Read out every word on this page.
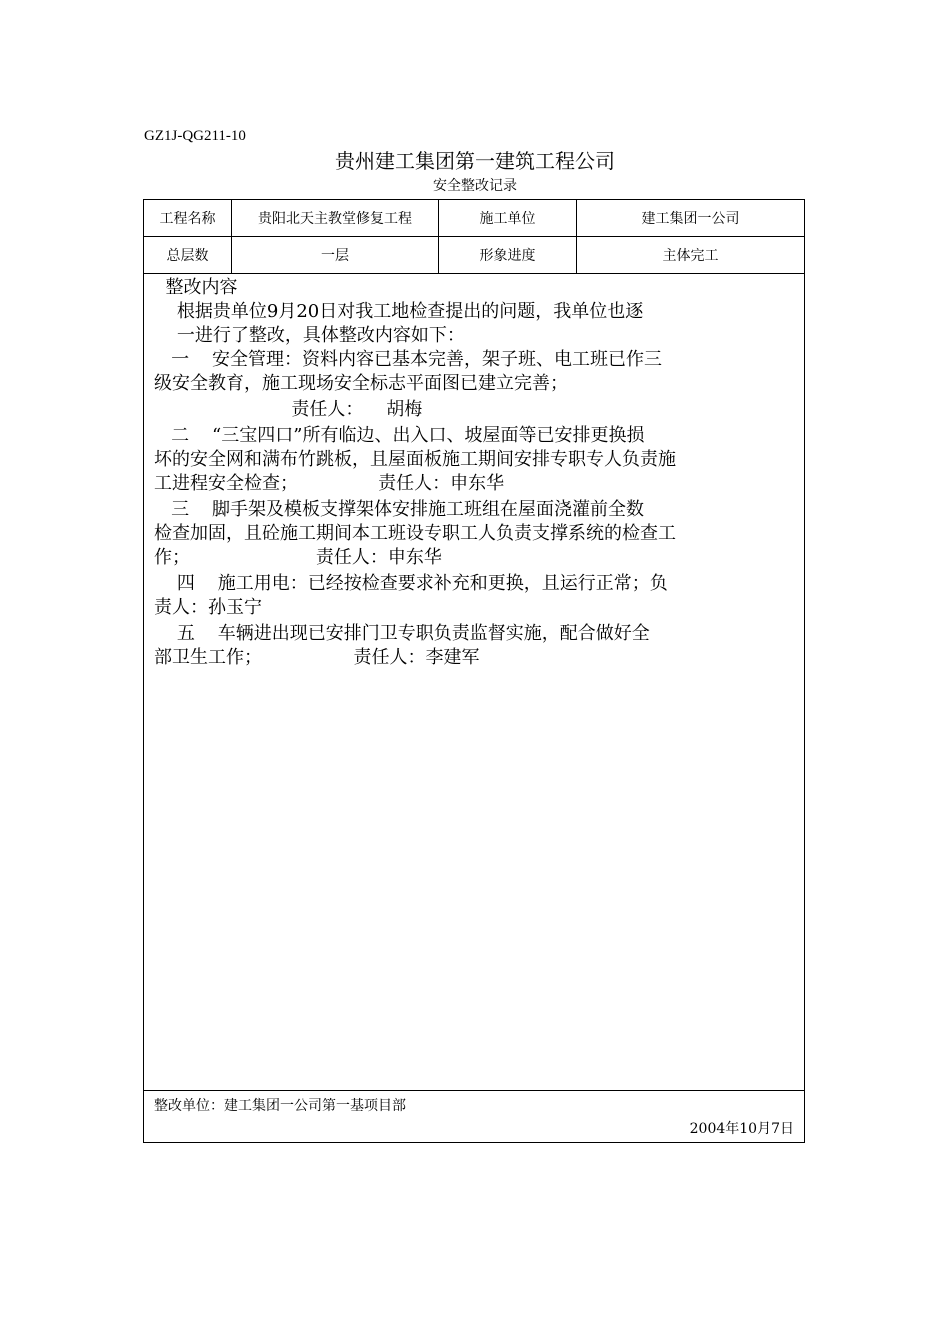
GZ1J-QG211-10
贵州建工集团第一建筑工程公司
安全整改记录
工程名称	贵阳北天主教堂修复工程	施工单位	建工集团一公司
总层数	一层	形象进度	主体完工
整改内容
根据贵单位9月20日对我工地检查提出的问题，我单位也逐
一进行了整改，具体整改内容如下：
一    安全管理：资料内容已基本完善，架子班、电工班已作三
级安全教育，施工现场安全标志平面图已建立完善；
责任人：    胡梅
二    “三宝四口”所有临边、出入口、坡屋面等已安排更换损
坏的安全网和满布竹跳板，且屋面板施工期间安排专职专人负责施
工进程安全检查；              责任人：申东华
三    脚手架及模板支撑架体安排施工班组在屋面浇灌前全数
检查加固，且砼施工期间本工班设专职工人负责支撑系统的检查工
作；                      责任人：申东华
四    施工用电：已经按检查要求补充和更换，且运行正常；负
责人：孙玉宁
五    车辆进出现已安排门卫专职负责监督实施，配合做好全
部卫生工作；                责任人：李建军
整改单位：建工集团一公司第一基项目部
2004年10月7日
